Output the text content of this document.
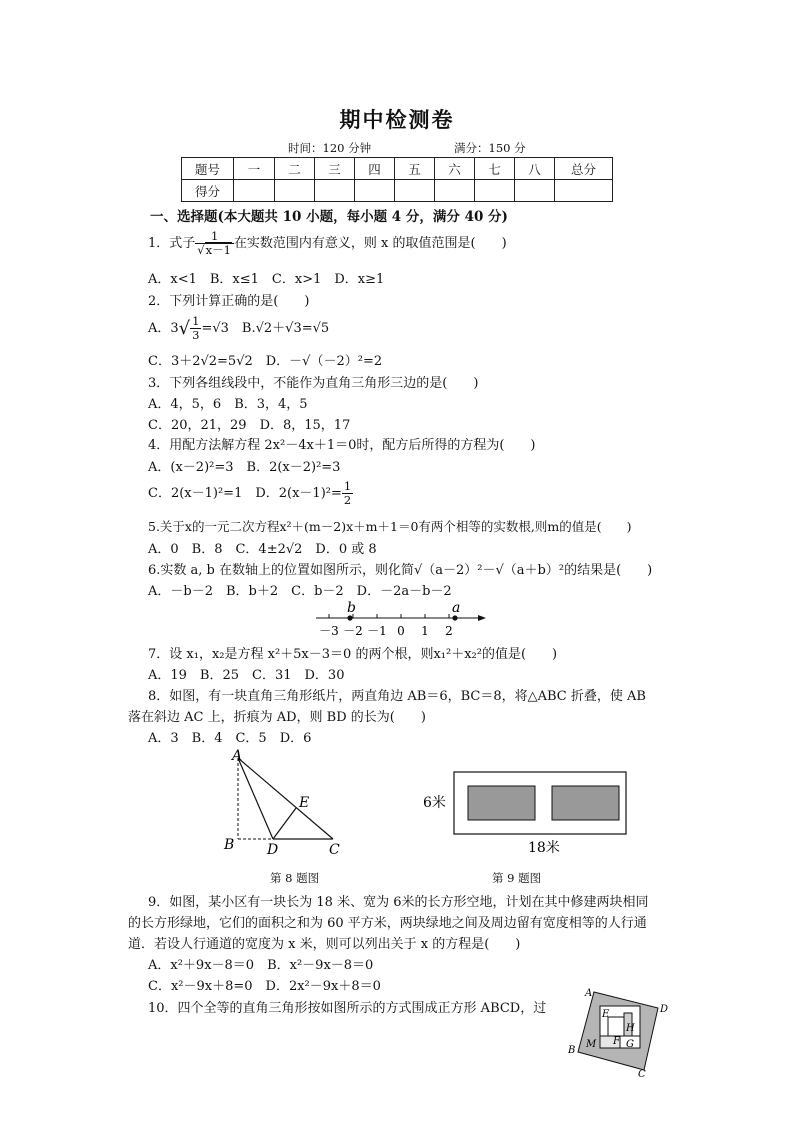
期中检测卷
时间：120 分钟	满分：150 分
题号	一	二	三	四	五	六	七	八	总分
得分									
一、选择题(本大题共 10 小题，每小题 4 分，满分 40 分)
1．式子 $\frac{1}{√x-1}$ 在实数范围内有意义，则 x 的取值范围是(　　)
A．x<1　B．x≤1　C．x>1　D．x≥1
2．下列计算正确的是(　　)
A．$3√ \frac{1}{3} =√3$　B.√2＋√3=√5
C．3＋2√2=5√2　D．－√（－2）²=2
3．下列各组线段中，不能作为直角三角形三边的是(　　)
A．4，5，6　B．3，4，5
C．20，21，29　D．8，15，17
4．用配方法解方程 2x²－4x＋1＝0时，配方后所得的方程为(　　)
A．(x－2)²=3　B．2(x－2)²=3
C．2(x－1)²=1　D．$2(x-1)^2= \frac{1}{2}$
5.关于x的一元二次方程x²＋(m－2)x＋m＋1＝0有两个相等的实数根,则m的值是(　　)
A．0　B．8　C．4±2√2　D．0 或 8
6.实数 a, b 在数轴上的位置如图所示，则化简√（a－2）²－√（a＋b）²的结果是(　　)
A．－b－2　B．b＋2　C．b－2　D．－2a－b－2
－3 －2 －1 0 1 2
b	a
7．设 x₁，x₂是方程 x²＋5x－3＝0 的两个根，则x₁²＋x₂²的值是(　　)
A．19　B．25　C．31　D．30
8．如图，有一块直角三角形纸片，两直角边 AB＝6，BC＝8，将△ABC 折叠，使 AB
落在斜边 AC 上，折痕为 AD，则 BD 的长为(　　)
A．3　B．4　C．5　D．6
A
B D	C
E
第 8 题图
6米
18米
第 9 题图
9．如图，某小区有一块长为 18 米、宽为 6米的长方形空地，计划在其中修建两块相同
的长方形绿地，它们的面积之和为 60 平方米，两块绿地之间及周边留有宽度相等的人行通
道．若设人行通道的宽度为 x 米，则可以列出关于 x 的方程是(　　)
A．x²＋9x－8＝0　B．x²－9x－8＝0
C．x²－9x＋8=0　D．2x²－9x＋8＝0
10．四个全等的直角三角形按如图所示的方式围成正方形 ABCD，过
A
D
B
C
E
H
F G
M
